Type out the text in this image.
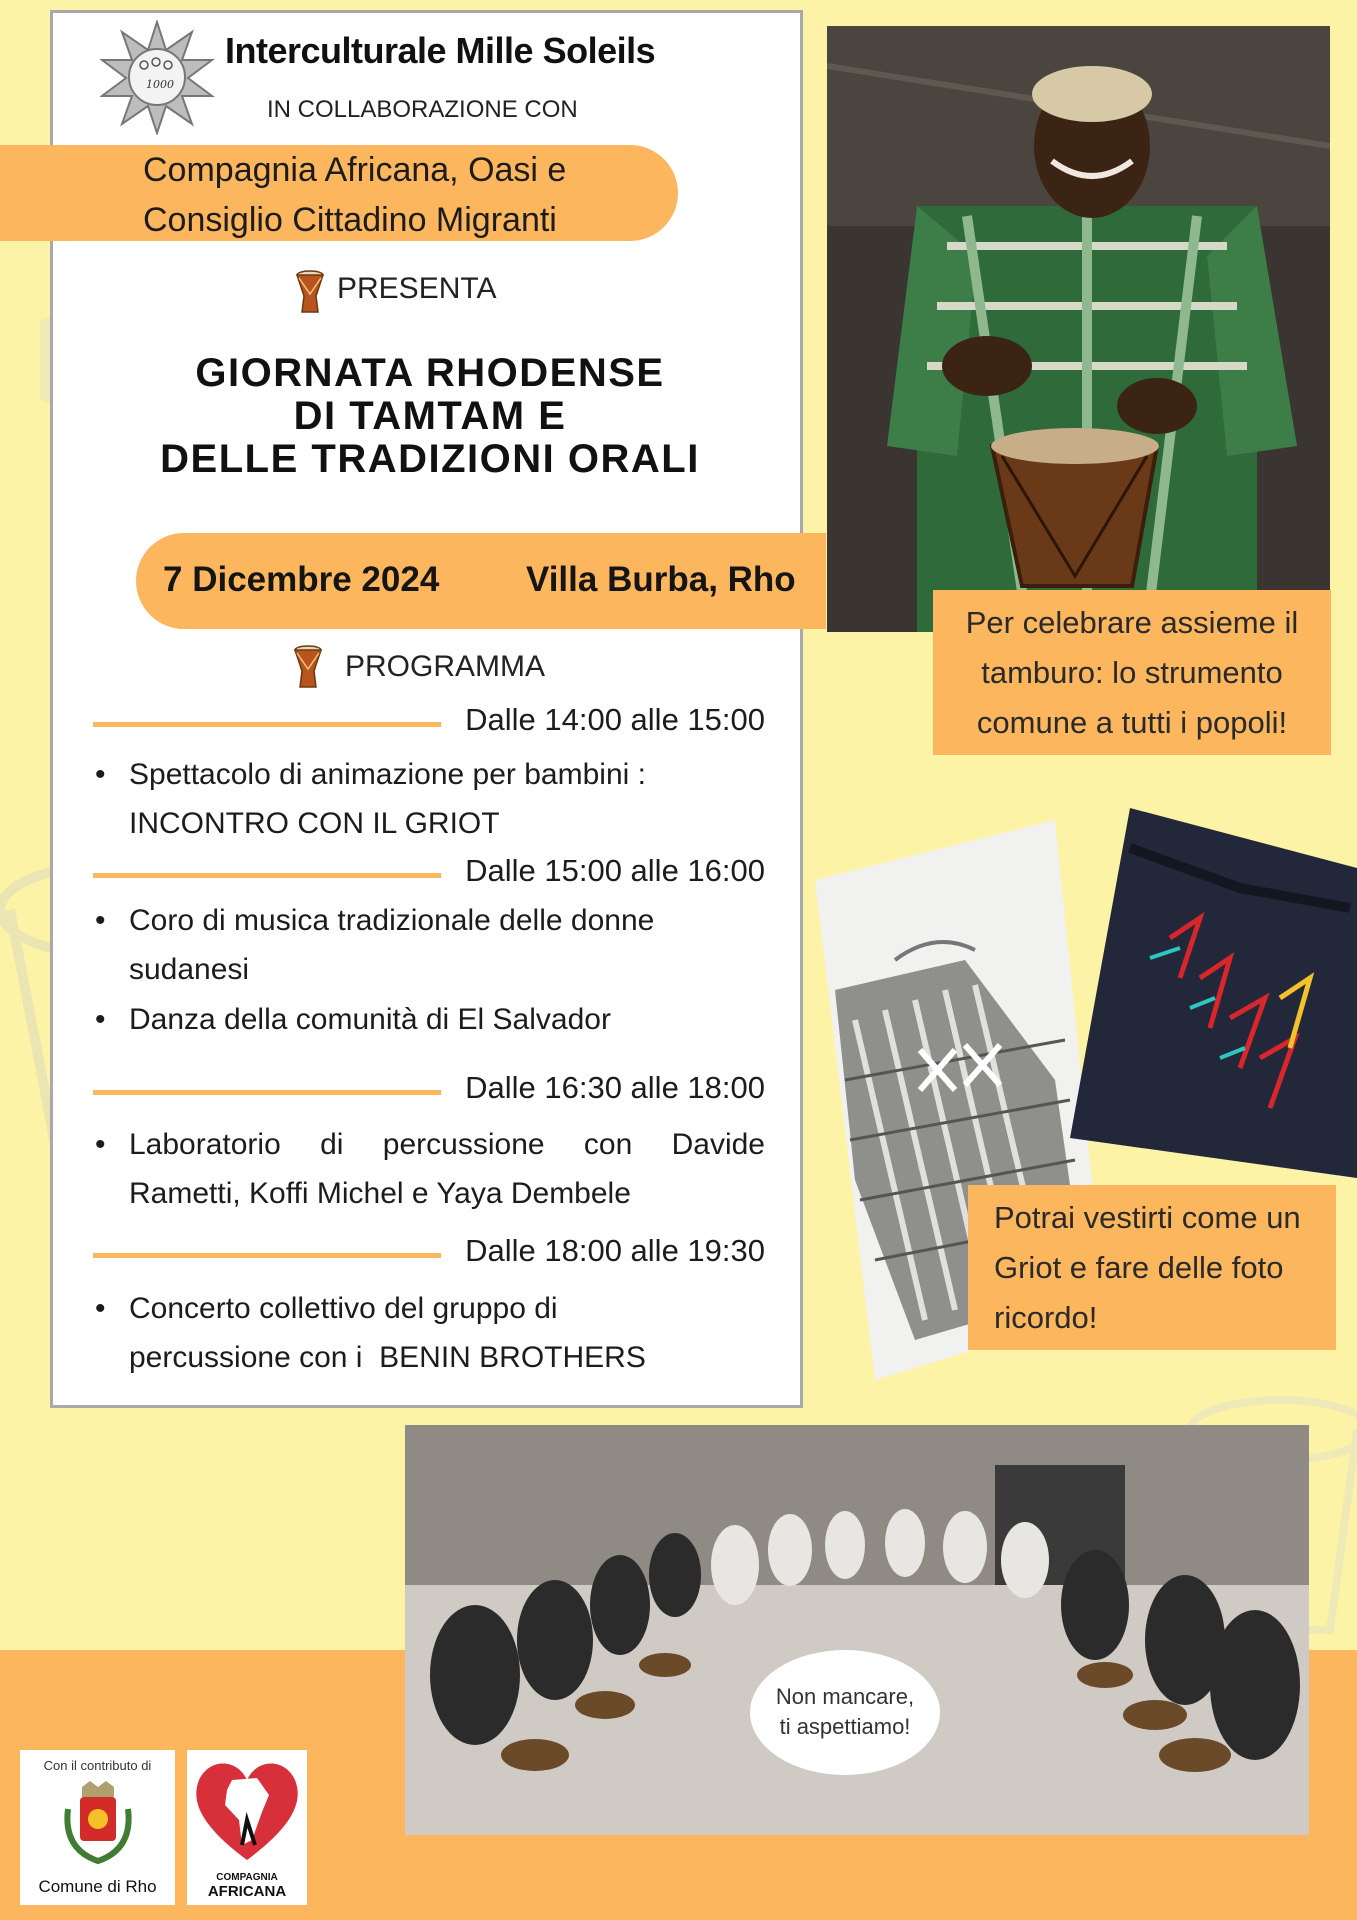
1000
Interculturale Mille Soleils
IN COLLABORAZIONE CON
Compagnia Africana, Oasi e
Consiglio Cittadino Migranti
PRESENTA
GIORNATA RHODENSE
DI TAMTAM E
DELLE TRADIZIONI ORALI
7 Dicembre 2024 Villa Burba, Rho
PROGRAMMA
Dalle 14:00 alle 15:00
• Spettacolo di animazione per bambini :
INCONTRO CON IL GRIOT
Dalle 15:00 alle 16:00
• Coro di musica tradizionale delle donne
sudanesi
• Danza della comunità di El Salvador
Dalle 16:30 alle 18:00
• Laboratorio di percussione con Davide
Rametti, Koffi Michel e Yaya Dembele
Dalle 18:00 alle 19:30
• Concerto collettivo del gruppo di
percussione con i  BENIN BROTHERS
Per celebrare assieme il
tamburo: lo strumento
comune a tutti i popoli!
Potrai vestirti come un
Griot e fare delle foto
ricordo!
Non mancare,
ti aspettiamo!
Con il contributo di
Comune di Rho	COMPAGNIA
AFRICANA
